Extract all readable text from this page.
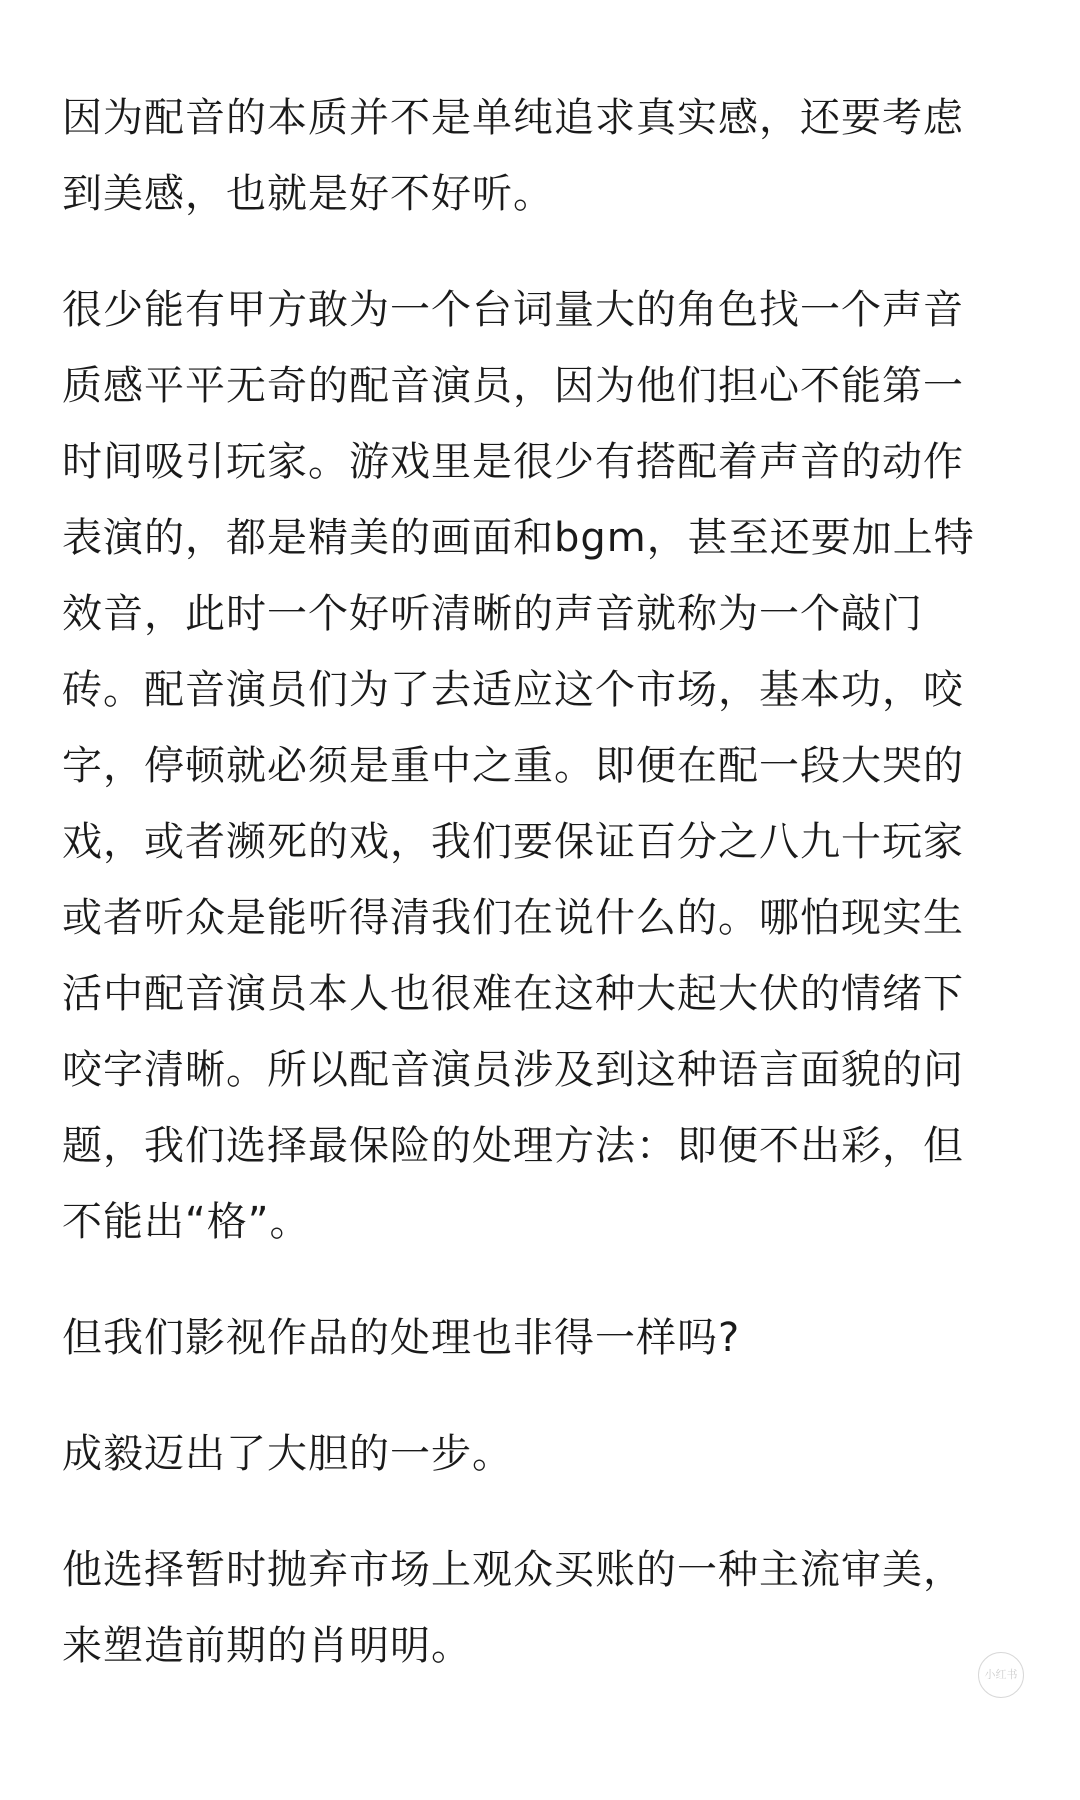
因为配音的本质并不是单纯追求真实感，还要考虑
到美感，也就是好不好听。

很少能有甲方敢为一个台词量大的角色找一个声音
质感平平无奇的配音演员，因为他们担心不能第一
时间吸引玩家。游戏里是很少有搭配着声音的动作
表演的，都是精美的画面和bgm，甚至还要加上特
效音，此时一个好听清晰的声音就称为一个敲门
砖。配音演员们为了去适应这个市场，基本功，咬
字，停顿就必须是重中之重。即便在配一段大哭的
戏，或者濒死的戏，我们要保证百分之八九十玩家
或者听众是能听得清我们在说什么的。哪怕现实生
活中配音演员本人也很难在这种大起大伏的情绪下
咬字清晰。所以配音演员涉及到这种语言面貌的问
题，我们选择最保险的处理方法：即便不出彩，但
不能出“格”。

但我们影视作品的处理也非得一样吗?

成毅迈出了大胆的一步。

他选择暂时抛弃市场上观众买账的一种主流审美，
来塑造前期的肖明明。

小红书
